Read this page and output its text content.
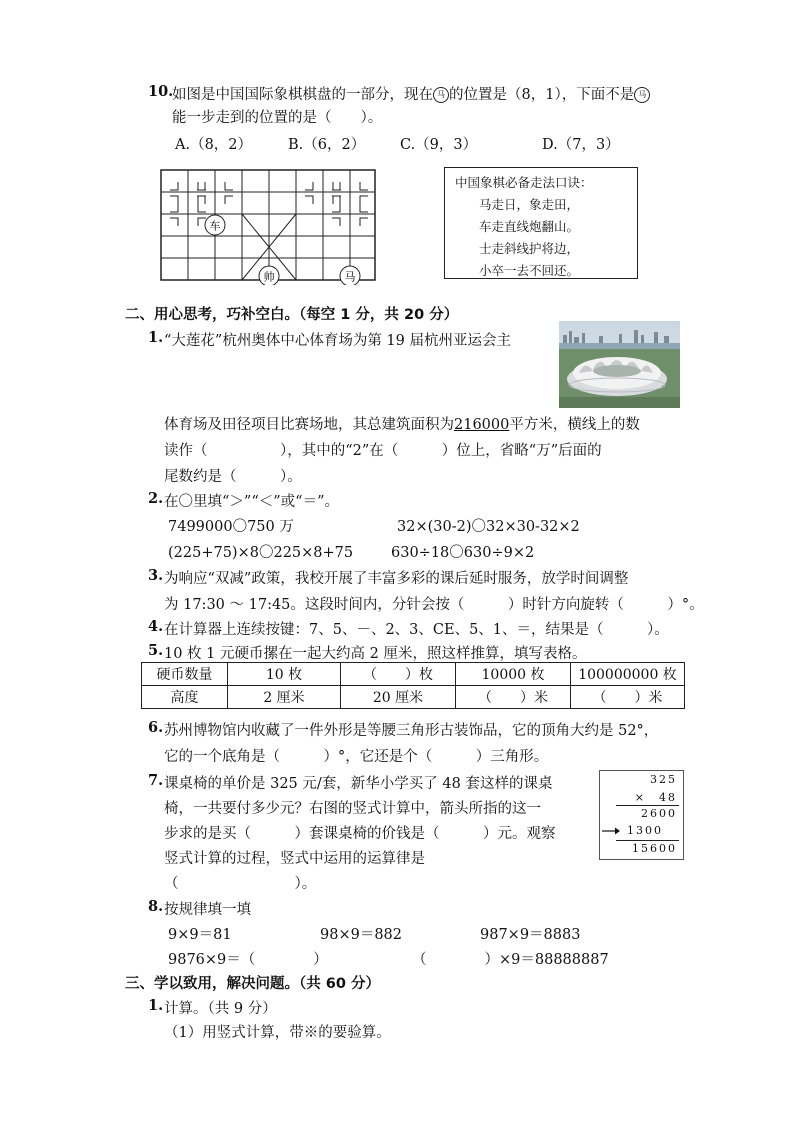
10.
如图是中国国际象棋棋盘的一部分，现在 马 的位置是（8，1），下面不是 马
能一步走到的位置的是（　　）。
A.（8，2） B.（6，2） C.（9，3）	D.（7，3）
车
帅	马
中国象棋必备走法口诀：
马走日，象走田，
车走直线炮翻山。
士走斜线护将边，
小卒一去不回还。
二、用心思考，巧补空白。（每空 1 分，共 20 分）
1. “大莲花”杭州奥体中心体育场为第 19 届杭州亚运会主
体育场及田径项目比赛场地，其总建筑面积为216000平方米，横线上的数
读作（　　　　　），其中的“2”在（　　　）位上，省略“万”后面的
尾数约是（　　　）。
2. 在〇里填“＞”“＜”或“＝”。
7499000〇750 万	32×(30-2)〇32×30-32×2
(225+75)×8〇225×8+75	630÷18〇630÷9×2
3. 为响应“双减”政策，我校开展了丰富多彩的课后延时服务，放学时间调整
为 17:30 ～ 17:45。这段时间内，分针会按（　　　）时针方向旋转（　　　）°。
4. 在计算器上连续按键：7、5、－、2、3、CE、5、1、＝，结果是（　　　）。
5. 10 枚 1 元硬币摞在一起大约高 2 厘米，照这样推算，填写表格。
硬币数量	10 枚	（　　）枚	10000 枚	100000000 枚
高度	2 厘米	20 厘米	（　　）米	（　　）米
6. 苏州博物馆内收藏了一件外形是等腰三角形古装饰品，它的顶角大约是 52°，
它的一个底角是（　　　）°，它还是个（　　　）三角形。
7. 课桌椅的单价是 325 元/套，新华小学买了 48 套这样的课桌
椅，一共要付多少元？右图的竖式计算中，箭头所指的这一
步求的是买（　　　）套课桌椅的价钱是（　　　）元。观察
竖式计算的过程，竖式中运用的运算律是
（　　　　　　　　）。
325
×　48
2600
1300
15600
8. 按规律填一填
9×9＝81	98×9＝882	987×9＝8883
9876×9＝（　　　　）	（　　　　）×9＝88888887
三、学以致用，解决问题。（共 60 分）
1. 计算。（共 9 分）
（1）用竖式计算，带※的要验算。
